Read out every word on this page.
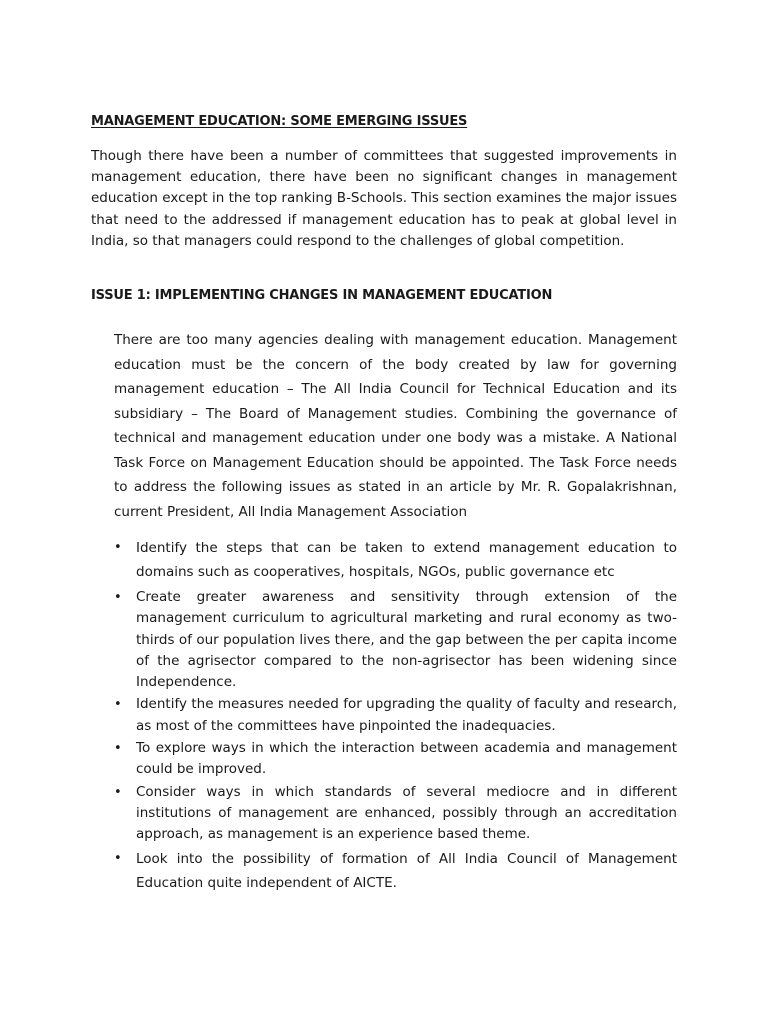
MANAGEMENT EDUCATION: SOME EMERGING ISSUES

Though there have been a number of committees that suggested improvements in management education, there have been no significant changes in management education except in the top ranking B-Schools. This section examines the major issues that need to the addressed if management education has to peak at global level in India, so that managers could respond to the challenges of global competition.

ISSUE 1: IMPLEMENTING CHANGES IN MANAGEMENT EDUCATION

There are too many agencies dealing with management education. Management education must be the concern of the body created by law for governing management education – The All India Council for Technical Education and its subsidiary – The Board of Management studies. Combining the governance of technical and management education under one body was a mistake. A National Task Force on Management Education should be appointed. The Task Force needs to address the following issues as stated in an article by Mr. R. Gopalakrishnan, current President, All India Management Association

• Identify the steps that can be taken to extend management education to domains such as cooperatives, hospitals, NGOs, public governance etc
• Create greater awareness and sensitivity through extension of the management curriculum to agricultural marketing and rural economy as two-thirds of our population lives there, and the gap between the per capita income of the agrisector compared to the non-agrisector has been widening since Independence.
• Identify the measures needed for upgrading the quality of faculty and research, as most of the committees have pinpointed the inadequacies.
• To explore ways in which the interaction between academia and management could be improved.
• Consider ways in which standards of several mediocre and in different institutions of management are enhanced, possibly through an accreditation approach, as management is an experience based theme.
• Look into the possibility of formation of All India Council of Management Education quite independent of AICTE.
